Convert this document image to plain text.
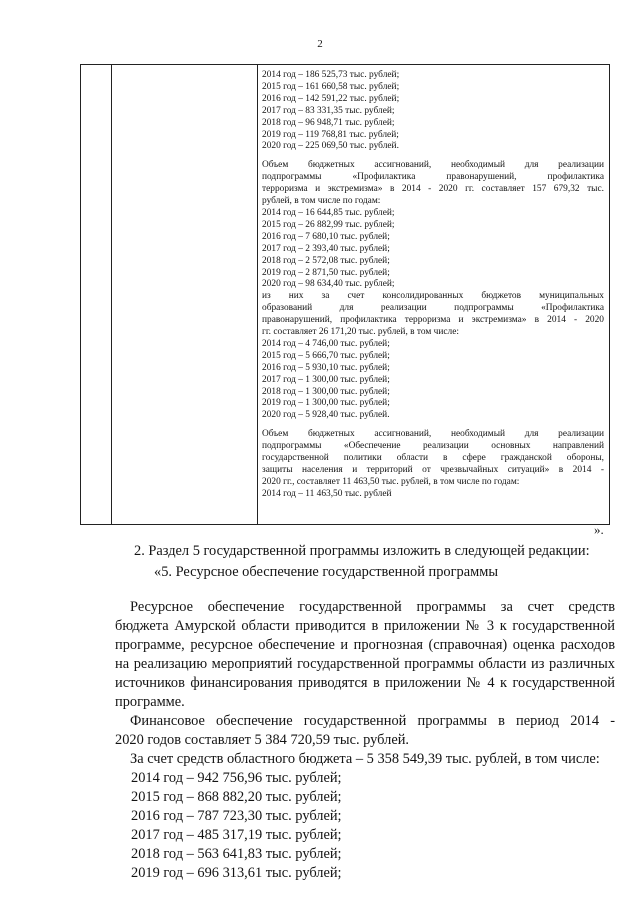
2

2014 год – 186 525,73 тыс. рублей;

2015 год – 161 660,58 тыс. рублей;

2016 год – 142 591,22 тыс. рублей;

2017 год – 83 331,35 тыс. рублей;

2018 год – 96 948,71 тыс. рублей;

2019 год – 119 768,81 тыс. рублей;

2020 год – 225 069,50 тыс. рублей.

Объем бюджетных ассигнований, необходимый для реализации

подпрограммы «Профилактика правонарушений, профилактика

терроризма и экстремизма» в 2014 - 2020 гг. составляет 157 679,32 тыс.

рублей, в том числе по годам:

2014 год – 16 644,85 тыс. рублей;

2015 год – 26 882,99 тыс. рублей;

2016 год – 7 680,10 тыс. рублей;

2017 год – 2 393,40 тыс. рублей;

2018 год – 2 572,08 тыс. рублей;

2019 год – 2 871,50 тыс. рублей;

2020 год – 98 634,40 тыс. рублей;

из них за счет консолидированных бюджетов муниципальных

образований для реализации подпрограммы «Профилактика

правонарушений, профилактика терроризма и экстремизма» в 2014 - 2020

гг. составляет 26 171,20 тыс. рублей, в том числе:

2014 год – 4 746,00 тыс. рублей;

2015 год – 5 666,70 тыс. рублей;

2016 год – 5 930,10 тыс. рублей;

2017 год – 1 300,00 тыс. рублей;

2018 год – 1 300,00 тыс. рублей;

2019 год – 1 300,00 тыс. рублей;

2020 год – 5 928,40 тыс. рублей.

Объем бюджетных ассигнований, необходимый для реализации

подпрограммы «Обеспечение реализации основных направлений

государственной политики области в сфере гражданской обороны,

защиты населения и территорий от чрезвычайных ситуаций» в 2014 -

2020 гг., составляет 11 463,50 тыс. рублей, в том числе по годам:

2014 год – 11 463,50 тыс. рублей

».

2. Раздел 5 государственной программы изложить в следующей редакции:

«5. Ресурсное обеспечение государственной программы

Ресурсное обеспечение государственной программы за счет средств

бюджета Амурской области приводится в приложении № 3 к государственной

программе, ресурсное обеспечение и прогнозная (справочная) оценка расходов

на реализацию мероприятий государственной программы области из различных

источников финансирования приводятся в приложении № 4 к государственной

программе.

Финансовое обеспечение государственной программы в период 2014 -

2020 годов составляет 5 384 720,59 тыс. рублей.

За счет средств областного бюджета – 5 358 549,39 тыс. рублей, в том числе:

2014 год – 942 756,96 тыс. рублей;

2015 год – 868 882,20 тыс. рублей;

2016 год – 787 723,30 тыс. рублей;

2017 год – 485 317,19 тыс. рублей;

2018 год – 563 641,83 тыс. рублей;

2019 год – 696 313,61 тыс. рублей;
